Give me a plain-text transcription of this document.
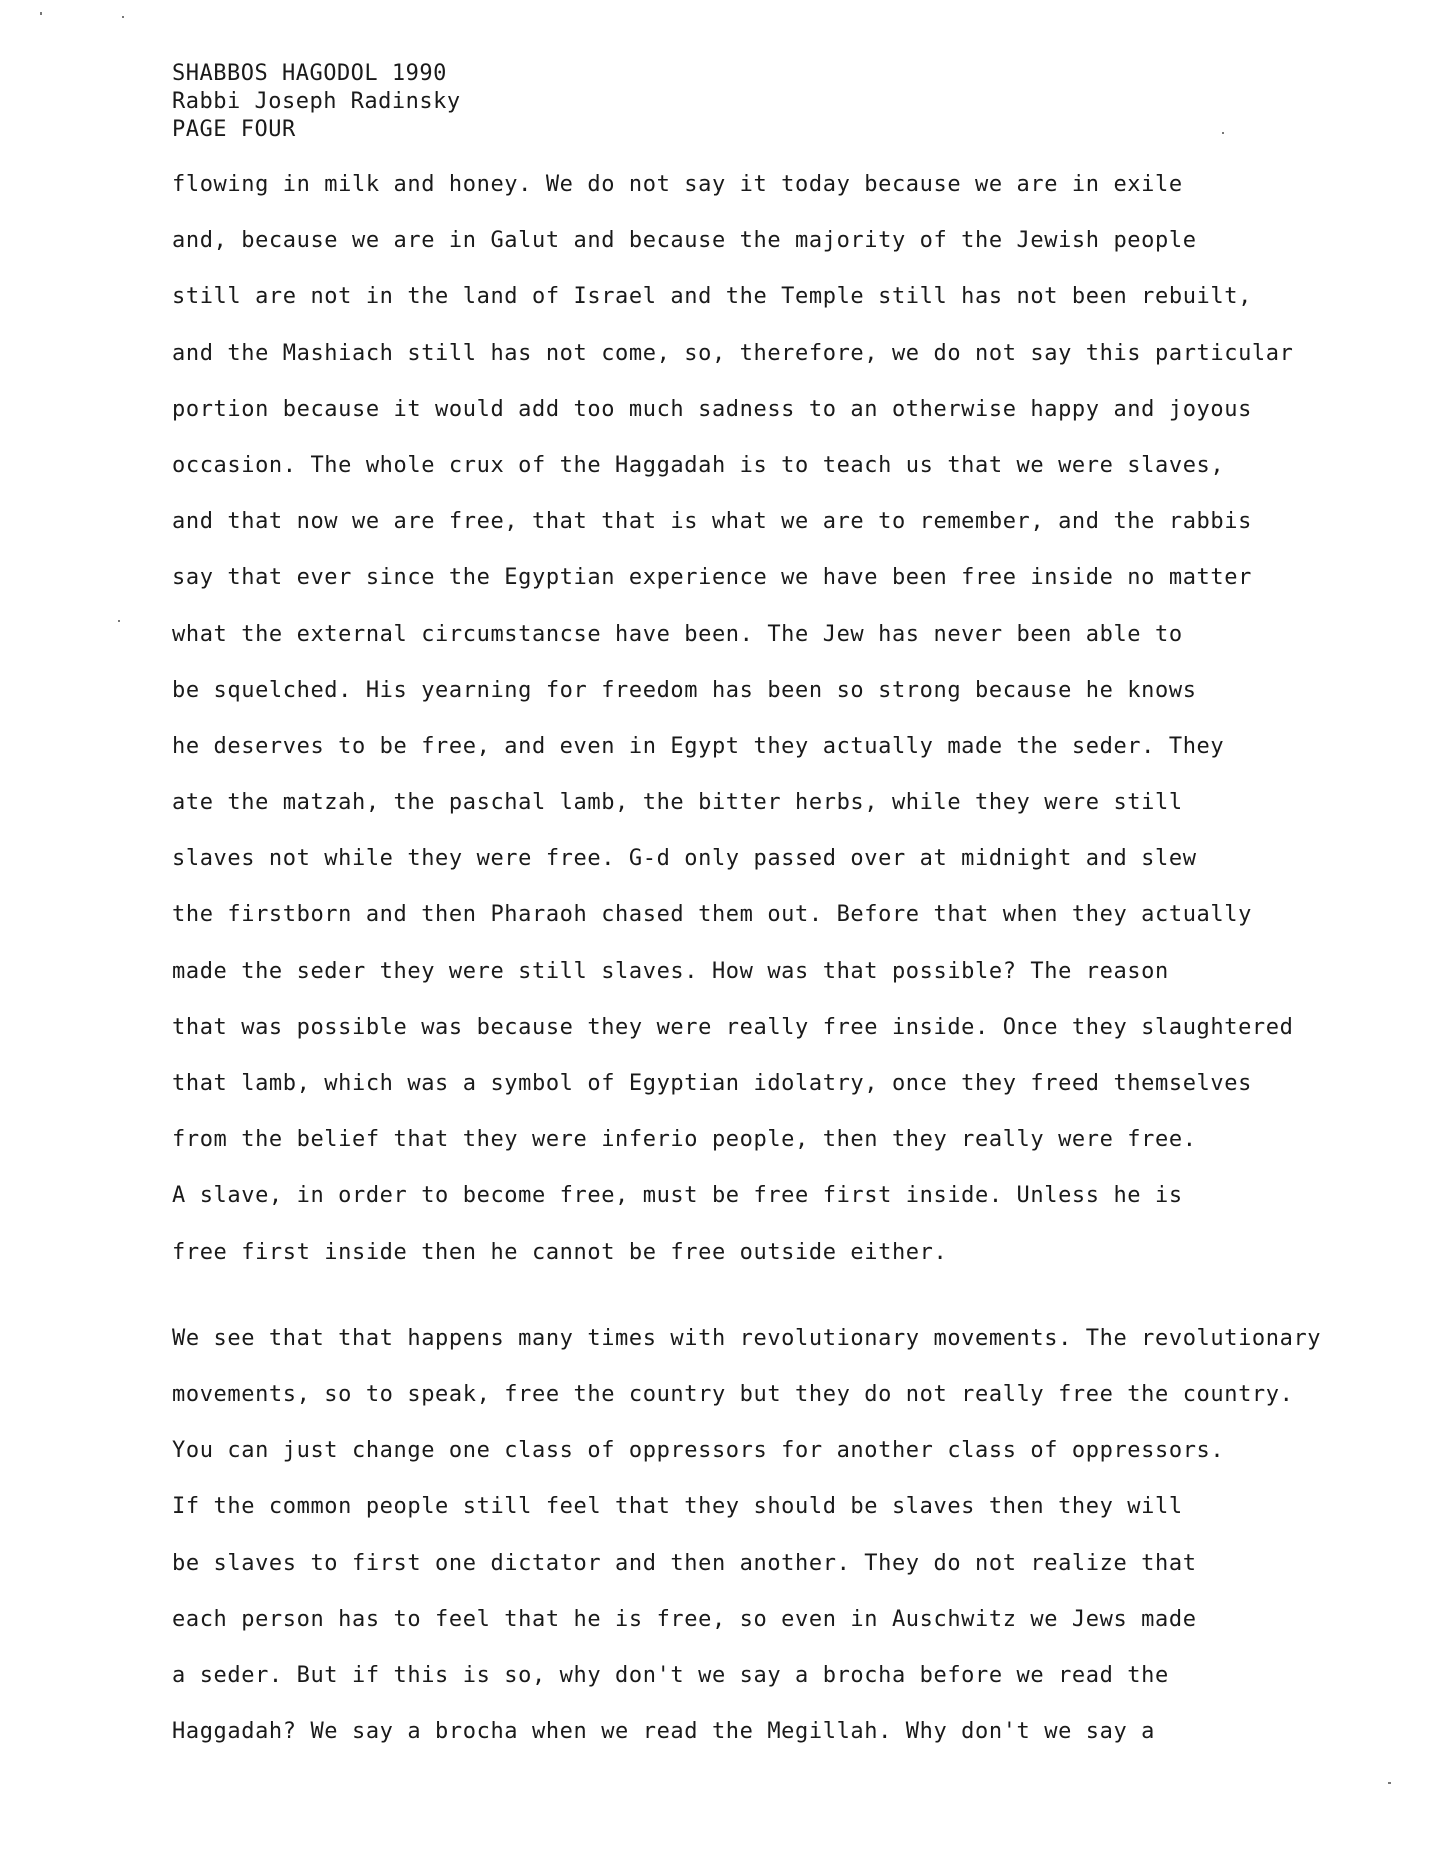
SHABBOS HAGODOL 1990
Rabbi Joseph Radinsky
PAGE FOUR
flowing in milk and honey. We do not say it today because we are in exile
and, because we are in Galut and because the majority of the Jewish people
still are not in the land of Israel and the Temple still has not been rebuilt,
and the Mashiach still has not come, so, therefore, we do not say this particular
portion because it would add too much sadness to an otherwise happy and joyous
occasion. The whole crux of the Haggadah is to teach us that we were slaves,
and that now we are free, that that is what we are to remember, and the rabbis
say that ever since the Egyptian experience we have been free inside no matter
what the external circumstancse have been. The Jew has never been able to
be squelched. His yearning for freedom has been so strong because he knows
he deserves to be free, and even in Egypt they actually made the seder. They
ate the matzah, the paschal lamb, the bitter herbs, while they were still
slaves not while they were free. G-d only passed over at midnight and slew
the firstborn and then Pharaoh chased them out. Before that when they actually
made the seder they were still slaves. How was that possible? The reason
that was possible was because they were really free inside. Once they slaughtered
that lamb, which was a symbol of Egyptian idolatry, once they freed themselves
from the belief that they were inferio people, then they really were free.
A slave, in order to become free, must be free first inside. Unless he is
free first inside then he cannot be free outside either.
We see that that happens many times with revolutionary movements. The revolutionary
movements, so to speak, free the country but they do not really free the country.
You can just change one class of oppressors for another class of oppressors.
If the common people still feel that they should be slaves then they will
be slaves to first one dictator and then another. They do not realize that
each person has to feel that he is free, so even in Auschwitz we Jews made
a seder. But if this is so, why don't we say a brocha before we read the
Haggadah? We say a brocha when we read the Megillah. Why don't we say a
